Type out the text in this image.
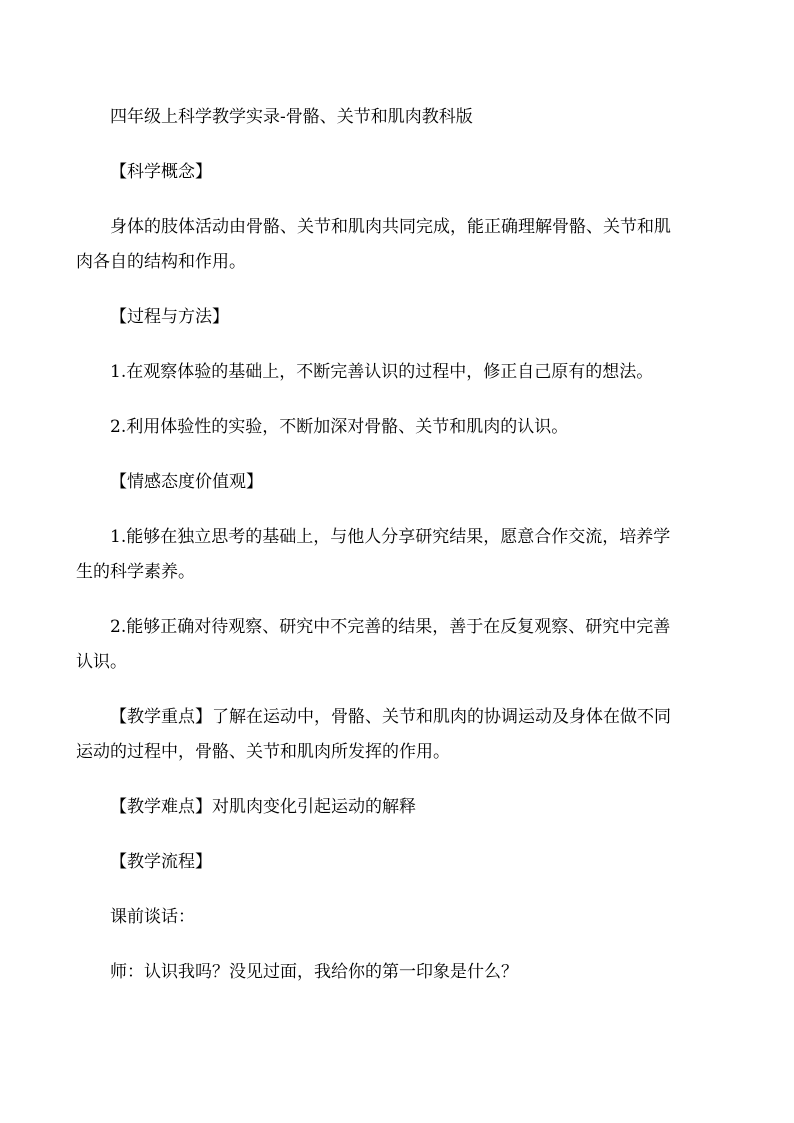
四年级上科学教学实录-骨骼、关节和肌肉教科版

【科学概念】

身体的肢体活动由骨骼、关节和肌肉共同完成，能正确理解骨骼、关节和肌
肉各自的结构和作用。

【过程与方法】

1.在观察体验的基础上，不断完善认识的过程中，修正自己原有的想法。

2.利用体验性的实验，不断加深对骨骼、关节和肌肉的认识。

【情感态度价值观】

1.能够在独立思考的基础上，与他人分享研究结果，愿意合作交流，培养学
生的科学素养。

2.能够正确对待观察、研究中不完善的结果，善于在反复观察、研究中完善
认识。

【教学重点】了解在运动中，骨骼、关节和肌肉的协调运动及身体在做不同
运动的过程中，骨骼、关节和肌肉所发挥的作用。

【教学难点】对肌肉变化引起运动的解释

【教学流程】

课前谈话：

师：认识我吗？没见过面，我给你的第一印象是什么？
